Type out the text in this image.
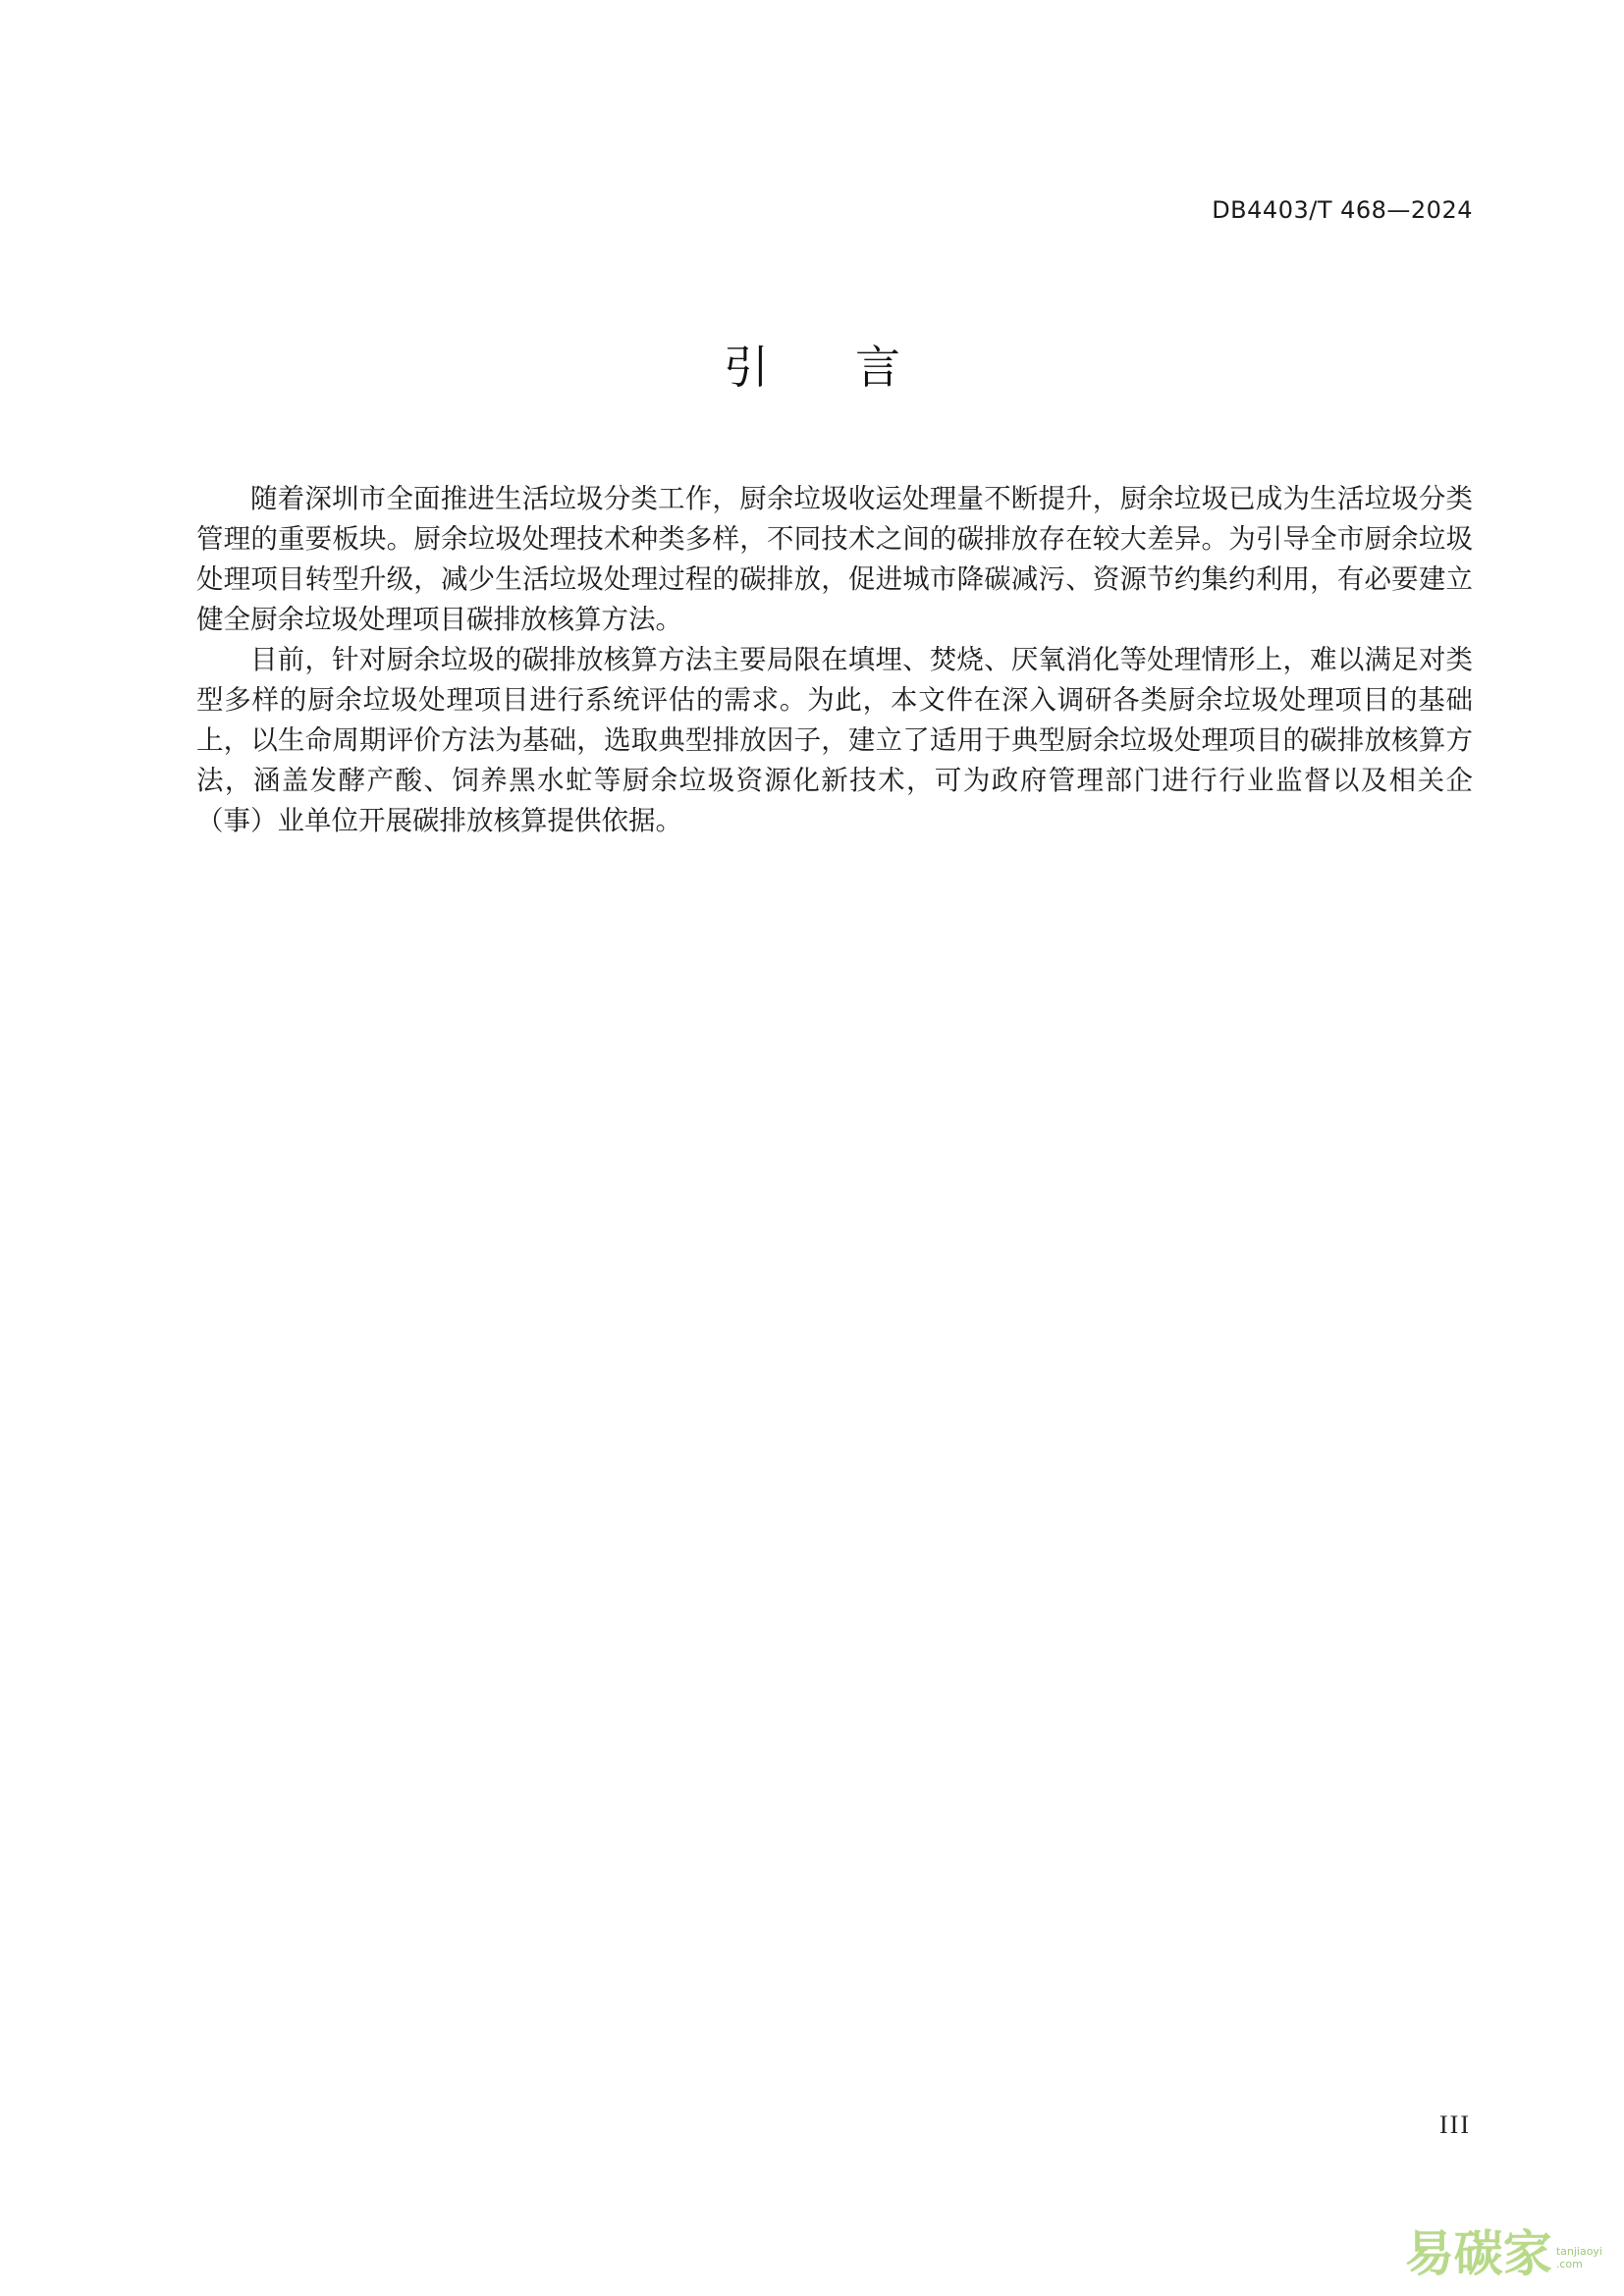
DB4403/T 468—2024
引 言

随着深圳市全面推进生活垃圾分类工作，厨余垃圾收运处理量不断提升，厨余垃圾已成为生活垃圾分类管理的重要板块。厨余垃圾处理技术种类多样，不同技术之间的碳排放存在较大差异。为引导全市厨余垃圾处理项目转型升级，减少生活垃圾处理过程的碳排放，促进城市降碳减污、资源节约集约利用，有必要建立健全厨余垃圾处理项目碳排放核算方法。

目前，针对厨余垃圾的碳排放核算方法主要局限在填埋、焚烧、厌氧消化等处理情形上，难以满足对类型多样的厨余垃圾处理项目进行系统评估的需求。为此，本文件在深入调研各类厨余垃圾处理项目的基础上，以生命周期评价方法为基础，选取典型排放因子，建立了适用于典型厨余垃圾处理项目的碳排放核算方法，涵盖发酵产酸、饲养黑水虻等厨余垃圾资源化新技术，可为政府管理部门进行行业监督以及相关企（事）业单位开展碳排放核算提供依据。

III
易碳家 tanjiaoyi
.com
